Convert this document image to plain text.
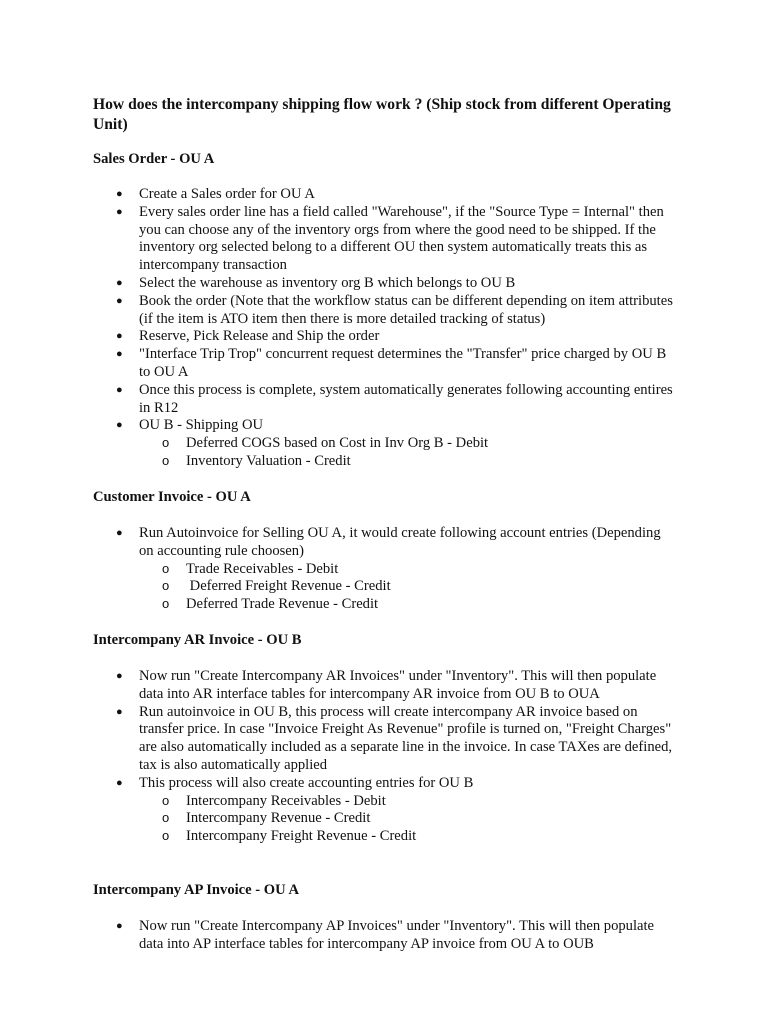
How does the intercompany shipping flow work ? (Ship stock from different Operating Unit)
Sales Order - OU A
● Create a Sales order for OU A
● Every sales order line has a field called "Warehouse", if the "Source Type = Internal" then you can choose any of the inventory orgs from where the good need to be shipped. If the inventory org selected belong to a different OU then system automatically treats this as intercompany transaction
● Select the warehouse as inventory org B which belongs to OU B
● Book the order (Note that the workflow status can be different depending on item attributes (if the item is ATO item then there is more detailed tracking of status)
● Reserve, Pick Release and Ship the order
● "Interface Trip Trop" concurrent request determines the "Transfer" price charged by OU B to OU A
● Once this process is complete, system automatically generates following accounting entires in R12
● OU B - Shipping OU
o Deferred COGS based on Cost in Inv Org B - Debit
o Inventory Valuation - Credit
Customer Invoice - OU A
● Run Autoinvoice for Selling OU A, it would create following account entries (Depending on accounting rule choosen)
o Trade Receivables - Debit
o Deferred Freight Revenue - Credit
o Deferred Trade Revenue - Credit
Intercompany AR Invoice - OU B
● Now run "Create Intercompany AR Invoices" under "Inventory". This will then populate data into AR interface tables for intercompany AR invoice from OU B to OUA
● Run autoinvoice in OU B, this process will create intercompany AR invoice based on transfer price. In case "Invoice Freight As Revenue" profile is turned on, "Freight Charges" are also automatically included as a separate line in the invoice. In case TAXes are defined, tax is also automatically applied
● This process will also create accounting entries for OU B
o Intercompany Receivables - Debit
o Intercompany Revenue - Credit
o Intercompany Freight Revenue - Credit
Intercompany AP Invoice - OU A
● Now run "Create Intercompany AP Invoices" under "Inventory". This will then populate data into AP interface tables for intercompany AP invoice from OU A to OUB
